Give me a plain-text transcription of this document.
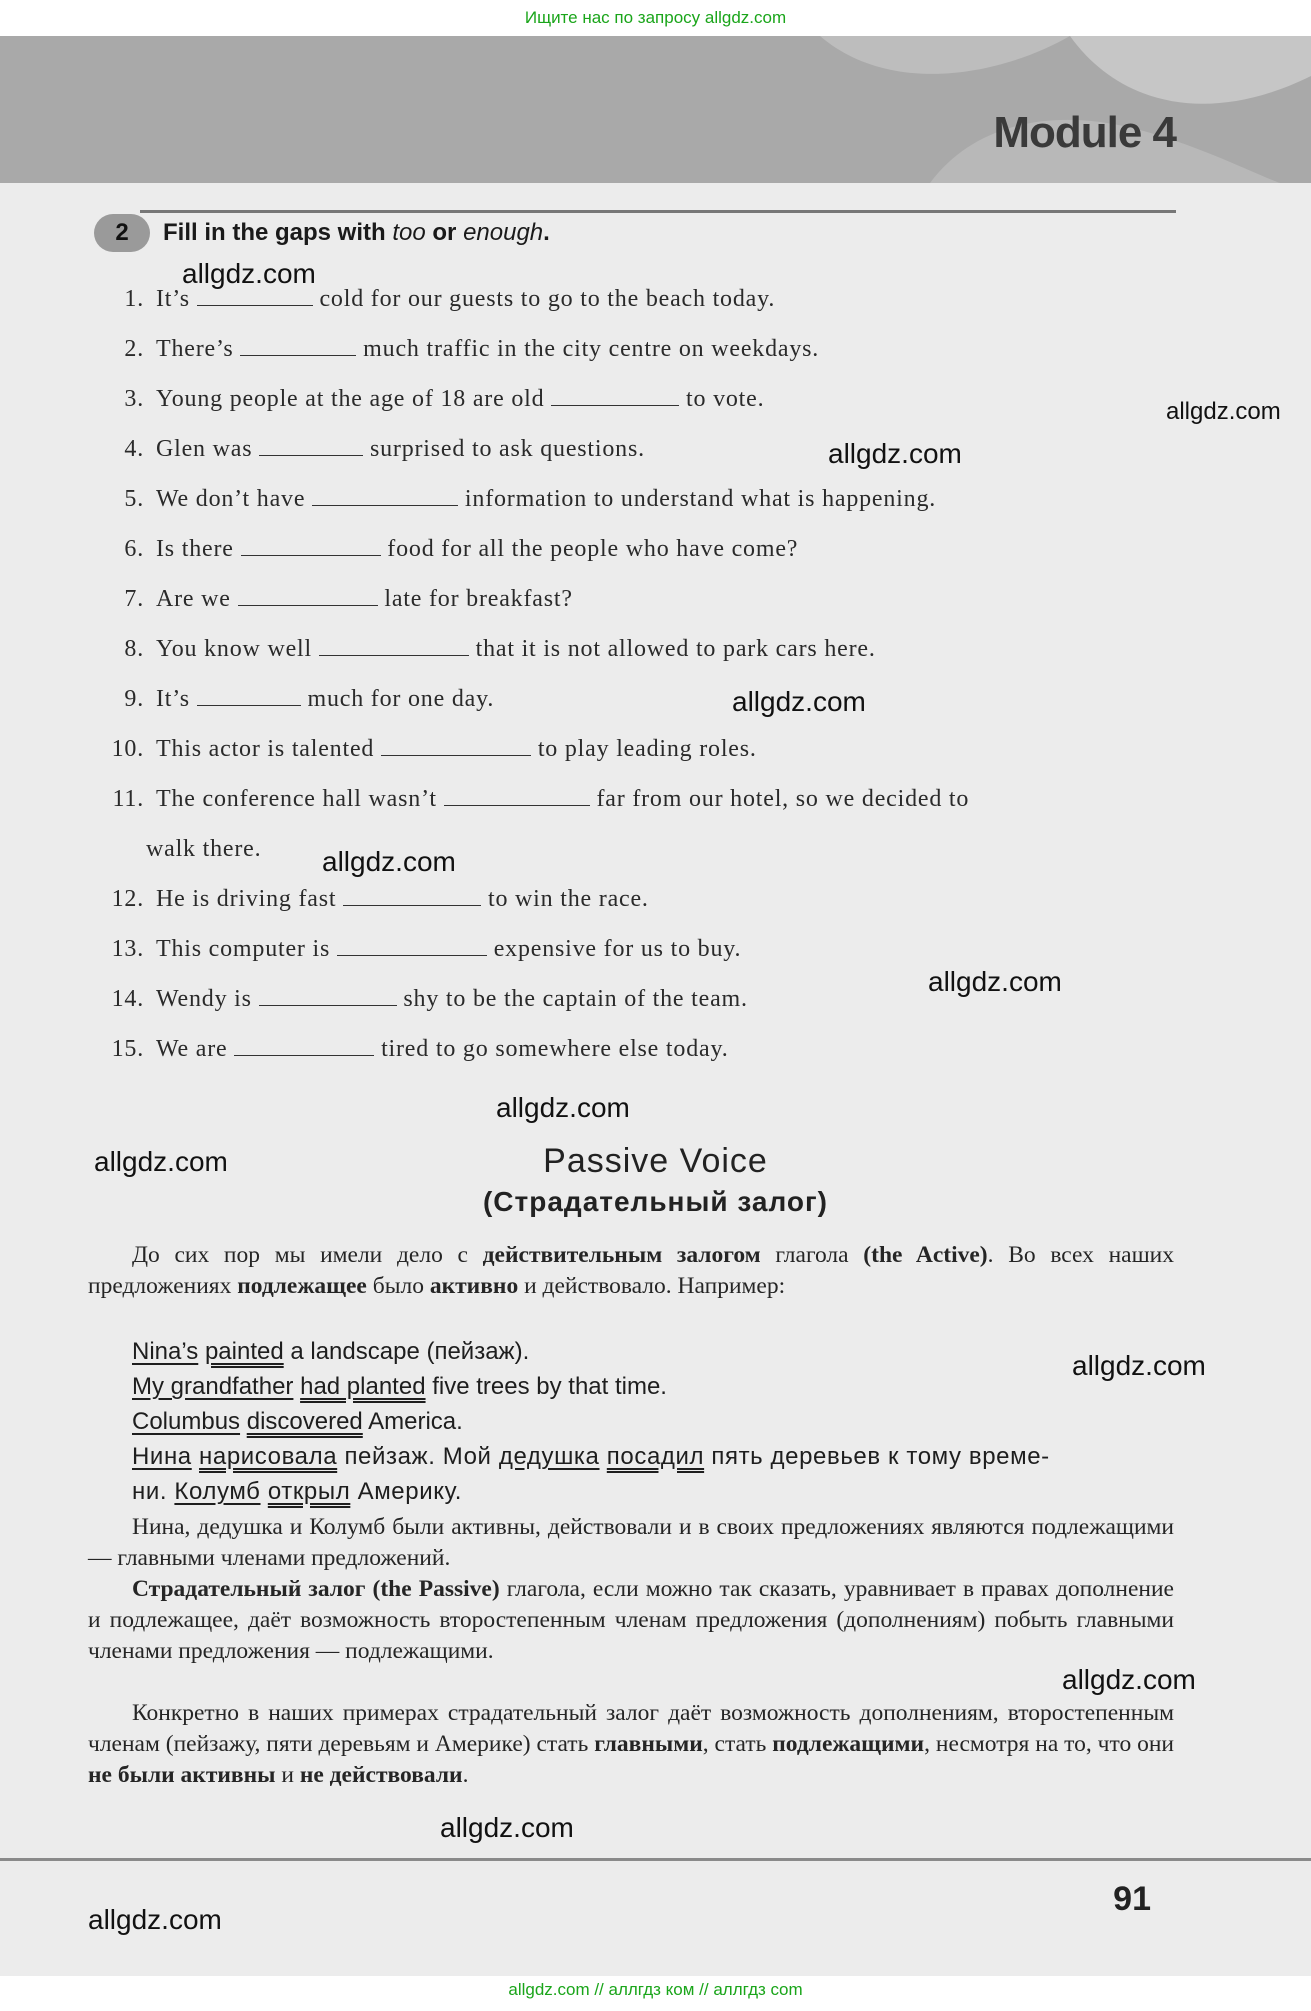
Ищите нас по запросу allgdz.com
Module 4
2	Fill in the gaps with too or enough.
1. It’s	cold for our guests to go to the beach today.
2. There’s	much traffic in the city centre on weekdays.
3. Young people at the age of 18 are old	to vote.
4. Glen was	surprised to ask questions.
5. We don’t have	information to understand what is happening.
6. Is there	food for all the people who have come?
7. Are we	late for breakfast?
8. You know well	that it is not allowed to park cars here.
9. It’s	much for one day.
10. This actor is talented	to play leading roles.
11. The conference hall wasn’t	far from our hotel, so we decided to
walk there.
12. He is driving fast	to win the race.
13. This computer is	expensive for us to buy.
14. Wendy is	shy to be the captain of the team.
15. We are	tired to go somewhere else today.
Passive Voice
(Страдательный залог)
До сих пор мы имели дело с действительным залогом глагола (the Active). Во всех наших предложениях подлежащее было активно и действовало. Например:
Nina’s painted a landscape (пейзаж).
My grandfather had planted five trees by that time.
Columbus discovered America.
Нина нарисовала пейзаж. Мой дедушка посадил пять деревьев к тому време-
ни. Колумб открыл Америку.
Нина, дедушка и Колумб были активны, действовали и в своих предложениях являются подлежащими — главными членами предложений.
Страдательный залог (the Passive) глагола, если можно так сказать, уравнивает в правах дополнение и подлежащее, даёт возможность второстепенным членам предложения (дополнениям) побыть главными членами предложения — подлежащими.
Конкретно в наших примерах страдательный залог даёт возможность дополнениям, второстепенным членам (пейзажу, пяти деревьям и Америке) стать главными, стать подлежащими, несмотря на то, что они не были активны и не действовали.
allgdz.com
allgdz.com
allgdz.com
allgdz.com
allgdz.com
allgdz.com
allgdz.com
allgdz.com
allgdz.com
allgdz.com
allgdz.com
allgdz.com
91
allgdz.com // аллгдз ком // аллгдз com
